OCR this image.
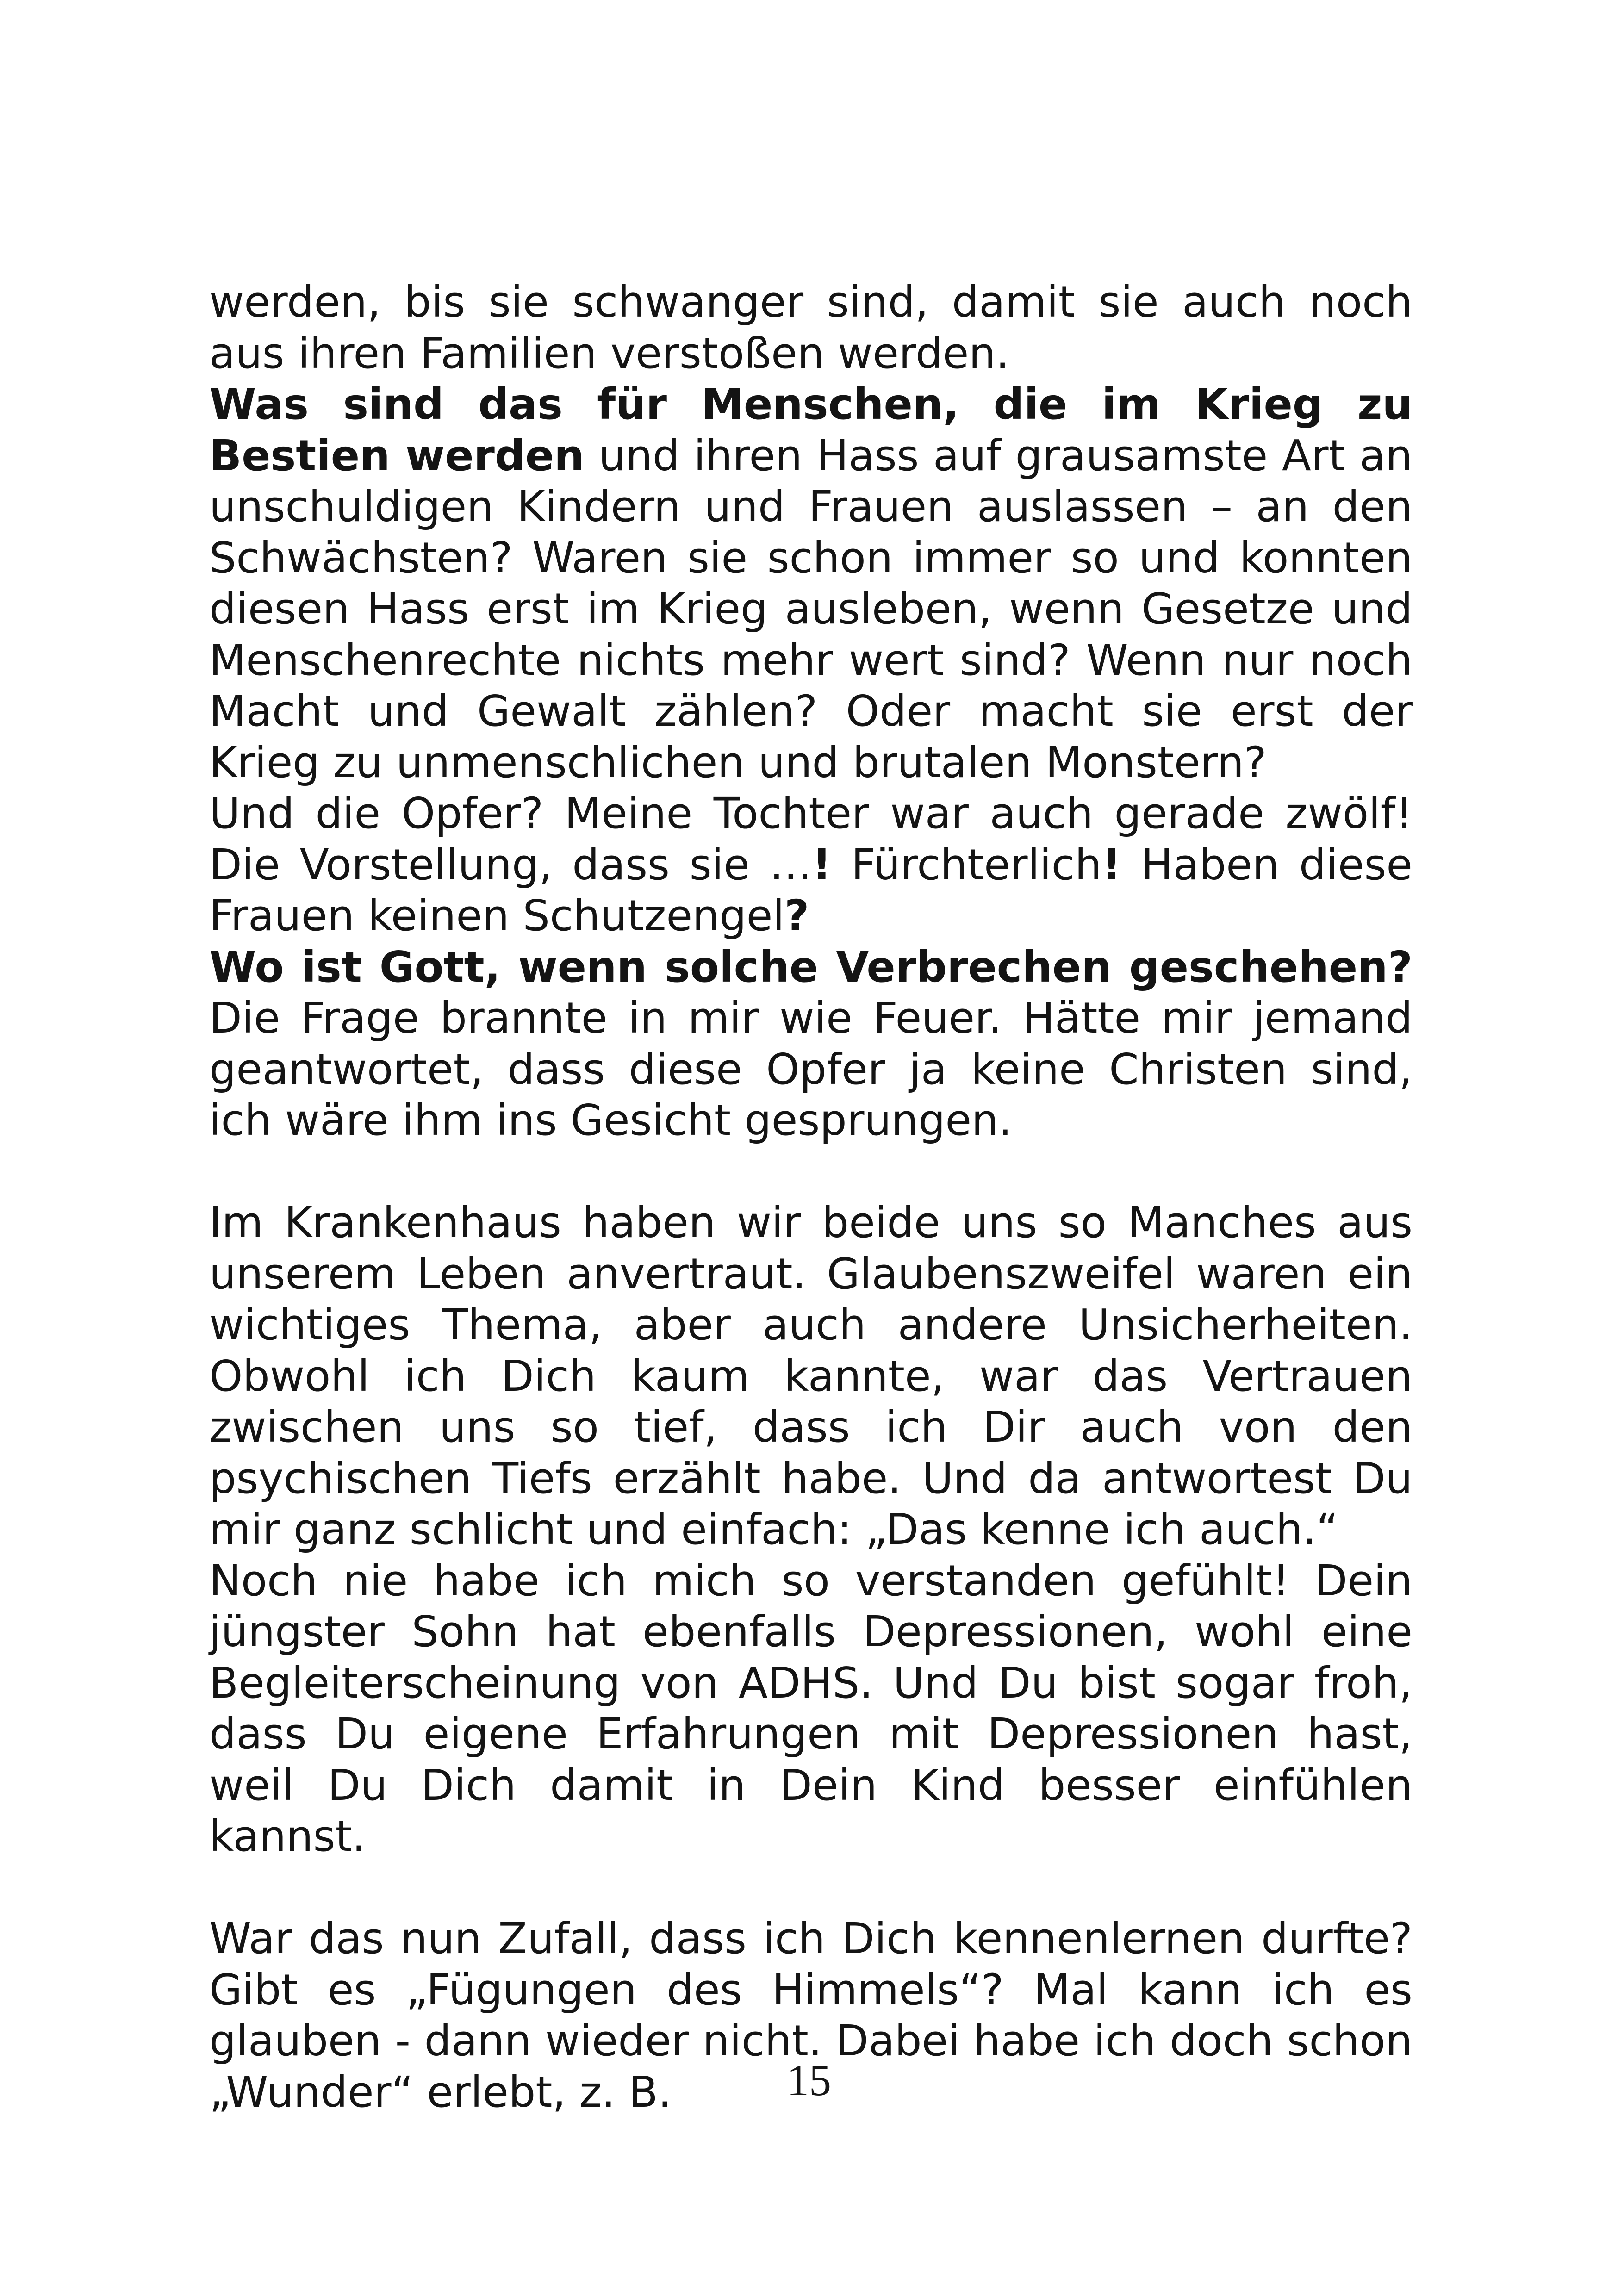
werden, bis sie schwanger sind, damit sie auch noch aus ihren Familien verstoßen werden.

Was sind das für Menschen, die im Krieg zu Bestien werden und ihren Hass auf grausamste Art an unschuldigen Kindern und Frauen auslassen – an den Schwächsten? Waren sie schon immer so und konnten diesen Hass erst im Krieg ausleben, wenn Gesetze und Menschenrechte nichts mehr wert sind? Wenn nur noch Macht und Gewalt zählen? Oder macht sie erst der Krieg zu unmenschlichen und brutalen Monstern?

Und die Opfer? Meine Tochter war auch gerade zwölf! Die Vorstellung, dass sie …! Fürchterlich! Haben diese Frauen keinen Schutzengel?

Wo ist Gott, wenn solche Verbrechen geschehen? Die Frage brannte in mir wie Feuer. Hätte mir jemand geantwortet, dass diese Opfer ja keine Christen sind, ich wäre ihm ins Gesicht gesprungen.

Im Krankenhaus haben wir beide uns so Manches aus unserem Leben anvertraut. Glaubenszweifel waren ein wichtiges Thema, aber auch andere Unsicherheiten. Obwohl ich Dich kaum kannte, war das Vertrauen zwischen uns so tief, dass ich Dir auch von den psychischen Tiefs erzählt habe. Und da antwortest Du mir ganz schlicht und einfach: „Das kenne ich auch.“

Noch nie habe ich mich so verstanden gefühlt! Dein jüngster Sohn hat ebenfalls Depressionen, wohl eine Begleiterscheinung von ADHS. Und Du bist sogar froh, dass Du eigene Erfahrungen mit Depressionen hast, weil Du Dich damit in Dein Kind besser einfühlen kannst.

War das nun Zufall, dass ich Dich kennenlernen durfte? Gibt es „Fügungen des Himmels“? Mal kann ich es glauben - dann wieder nicht. Dabei habe ich doch schon „Wunder“ erlebt, z. B.	15
